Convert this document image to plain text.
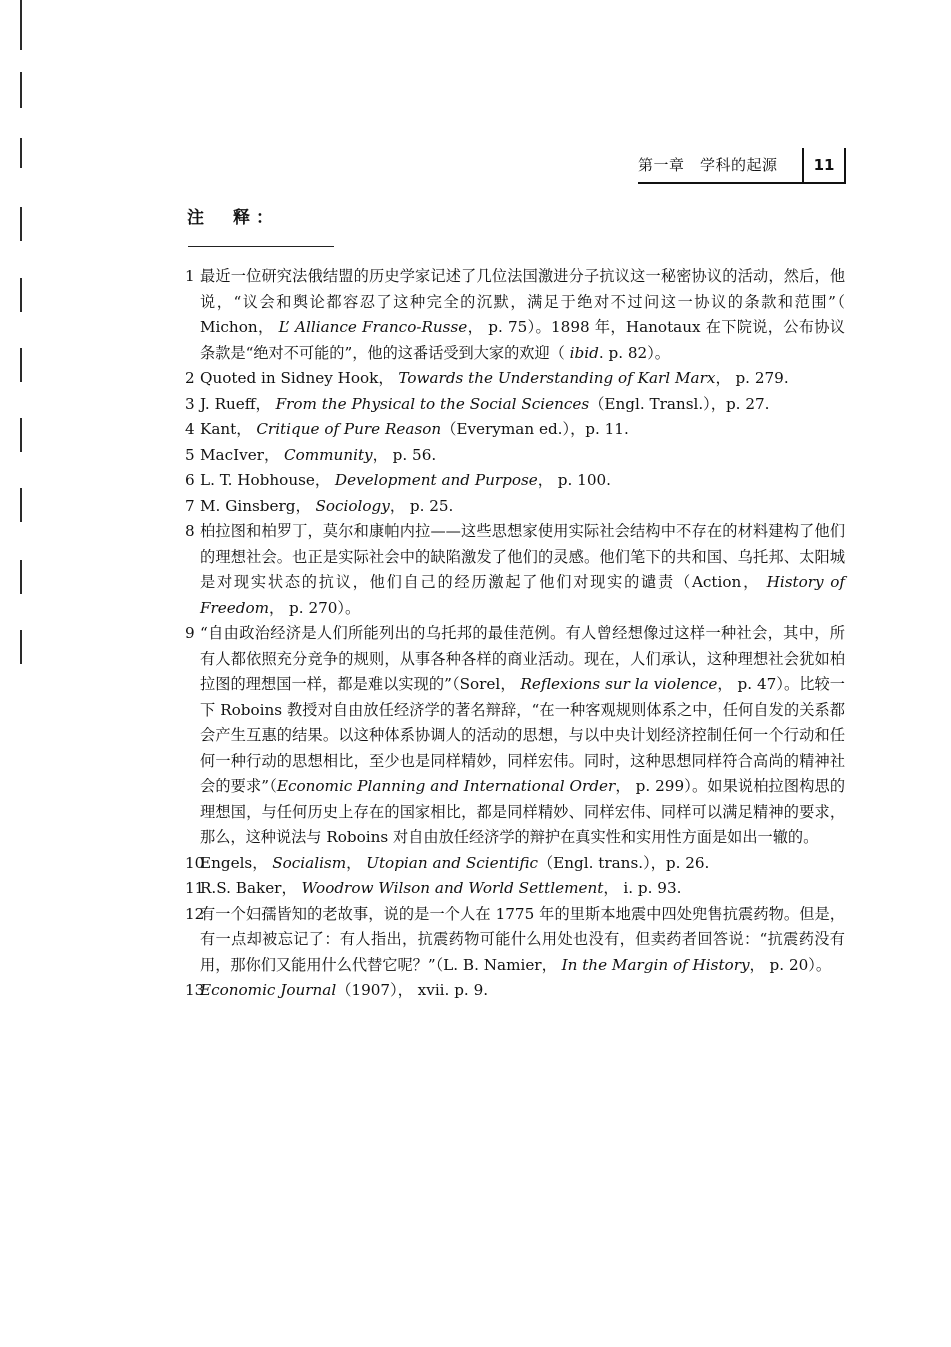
第一章　学科的起源	11
注　释：
1 最近一位研究法俄结盟的历史学家记述了几位法国激进分子抗议这一秘密协议的活动，然后，他说，“议会和舆论都容忍了这种完全的沉默，满足于绝对不过问这一协议的条款和范围”（ Michon， L’ Alliance Franco-Russe， p. 75）。1898 年，Hanotaux 在下院说，公布协议条款是“绝对不可能的”，他的这番话受到大家的欢迎（ ibid. p. 82）。
2 Quoted in Sidney Hook， Towards the Understanding of Karl Marx， p. 279.
3 J. Rueff， From the Physical to the Social Sciences（Engl. Transl.），p. 27.
4 Kant， Critique of Pure Reason（Everyman ed.），p. 11.
5 MacIver， Community， p. 56.
6 L. T. Hobhouse， Development and Purpose， p. 100.
7 M. Ginsberg， Sociology， p. 25.
8 柏拉图和柏罗丁，莫尔和康帕内拉——这些思想家使用实际社会结构中不存在的材料建构了他们的理想社会。也正是实际社会中的缺陷激发了他们的灵感。他们笔下的共和国、乌托邦、太阳城是对现实状态的抗议，他们自己的经历激起了他们对现实的谴责（Action， History of Freedom， p. 270）。
9 “自由政治经济是人们所能列出的乌托邦的最佳范例。有人曾经想像过这样一种社会，其中，所有人都依照充分竞争的规则，从事各种各样的商业活动。现在，人们承认，这种理想社会犹如柏拉图的理想国一样，都是难以实现的”（Sorel， Reflexions sur la violence， p. 47）。比较一下 Roboins 教授对自由放任经济学的著名辩辞，“在一种客观规则体系之中，任何自发的关系都会产生互惠的结果。以这种体系协调人的活动的思想，与以中央计划经济控制任何一个行动和任何一种行动的思想相比，至少也是同样精妙，同样宏伟。同时，这种思想同样符合高尚的精神社会的要求”（Economic Planning and International Order， p. 299）。如果说柏拉图构思的理想国，与任何历史上存在的国家相比，都是同样精妙、同样宏伟、同样可以满足精神的要求，那么，这种说法与 Roboins 对自由放任经济学的辩护在真实性和实用性方面是如出一辙的。
10
Engels， Socialism， Utopian and Scientific（Engl. trans.），p. 26.
11
R.S. Baker， Woodrow Wilson and World Settlement， i. p. 93.
12
有一个妇孺皆知的老故事，说的是一个人在 1775 年的里斯本地震中四处兜售抗震药物。但是，有一点却被忘记了：有人指出，抗震药物可能什么用处也没有，但卖药者回答说：“抗震药没有用，那你们又能用什么代替它呢？”（L. B. Namier， In the Margin of History， p. 20）。
13
Economic Journal（1907）， xvii. p. 9.
